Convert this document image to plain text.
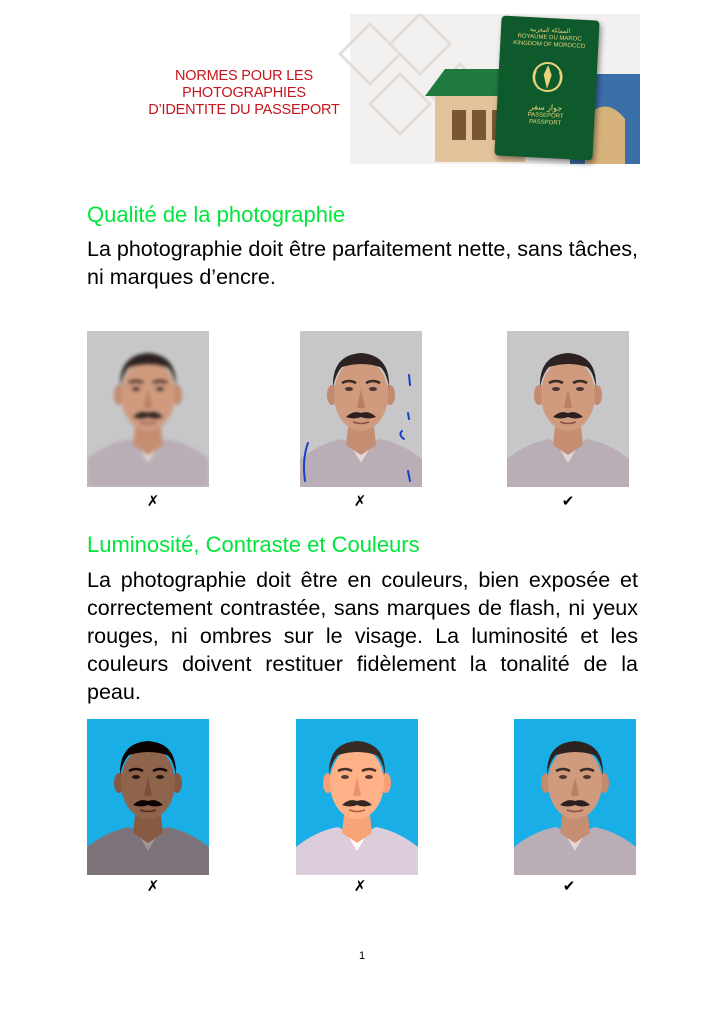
NORMES POUR LES PHOTOGRAPHIES
D’IDENTITE DU PASSEPORT
المملكة المغربية
ROYAUME DU MAROC
KINGDOM OF MOROCCO
جواز سفر
PASSEPORT
PASSPORT
Qualité de la photographie
La photographie doit être parfaitement nette, sans tâches, ni marques d’encre.
✗	✗	✔
Luminosité, Contraste et Couleurs
La photographie doit être en couleurs, bien exposée et correctement contrastée, sans marques de flash, ni yeux rouges, ni ombres sur le visage. La luminosité et les couleurs doivent restituer fidèlement la tonalité de la peau.
✗	✗	✔
1
